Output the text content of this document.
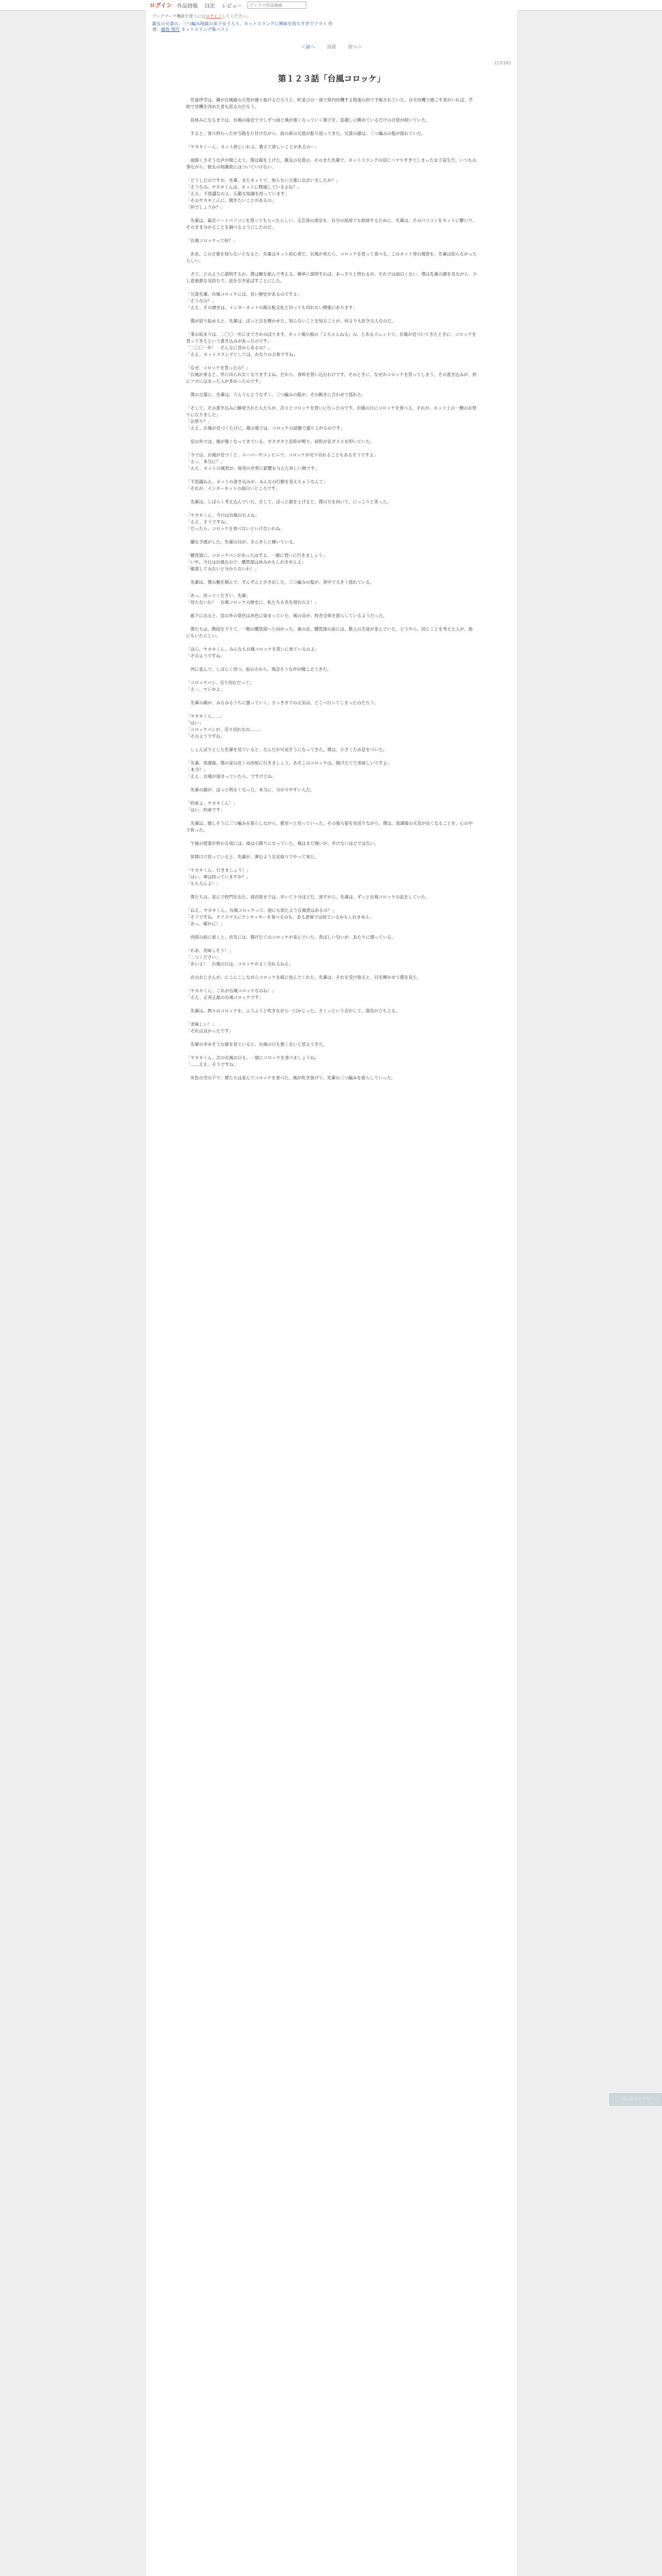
ログイン 作品情報 目次 レビュー
ワードで作品検索
ブックマーク機能を使うにはログインしてください。
親友の兄貴の、三つ編み地獄の弟子女子入り、ネットスラングに興味を持ちすぎでツライ 作者：霧島 翔月 ネットスラング集ベスト
＜前へ	目次	次へ＞
123/183
第１２３話「台風コロッケ」

　児童伊学は、隣が台風級の大型が通り抜けるだろうと、町並びの一部で屋内待機する程度の形で予報されていた。自宅待機で過ごす者がいれば、学校で待機を決めた者も居るのだろう。

　昼休みになるまでは、台風の接近で少しずつ雨と風が強くなっていく様子を、窓越しに眺めているだけの日常が続いていた。

　すると、食べ終わった弁当箱を片付けながら、前の席の兄貴が振り返ってきた。兄貴の顔は、三つ編みの髪が揺れていた。

「ヤカキくーん、ネット辞じいわよ。教えて欲しいことがあるのー」

　面倒くさそうな声が聞こえて、僕は顔を上げた。親友の兄貴の、そのまた先輩で、ネットスラングの沼にハマりすぎてしまった女子高生だ。いつもの事ながら、彼女の知識欲にはついていけない。

「どうしたのですか、先輩。またネットで、知らない言葉に出会いましたか？」
「そうなの。ヤカキくんは、ネットに精通しているよね？」
「ええ、不思議なのよ、広範な知識を持っています」
「そのヤカキくんに、聞きたいことがあるの」
「何でしょうか？」

　先輩は、最近ノートパソコンを買ってもらったらしい。文芸部の部室を、自分の部屋でも相談するために、先輩は、そのパソコンをネットに繋いで、そのまま分かることを調べるようにしたのだ。

「台風コロッケって何？」

　ああ、この言葉を知らないとなると、先輩はネット初心者だ。台風が来たら、コロッケを買って食べる。このネット発の風習を、先輩は知らなかったらしい。

　さて、どのように説明するか。僕は腕を組んで考える。簡単に説明すれば、あっさりと終わるが、それでは面白くない。僕は先輩の顔を見ながら、少し意地悪な気持ちで、話を引き延ばすことにした。

「兄貴先輩。台風コロッケには、長い歴史があるのですよ」
「そうなの？」
「ええ、その歴史は、インターネットの掲示板文化と切っても切れない関係にあります」

　僕が語り始めると、先輩は、ぱっと目を輝かせた。知らないことを知ることが、何よりも好きな人なのだ。

「事の始まりは、二〇〇一年にまでさかのぼります。ネット掲示板の『２ちゃんねる』の、とあるスレッドで、台風が近づいてきたときに、コロッケを買ってきたという書き込みがあったのです」
「二〇〇一年！　そんなに昔からあるの？」
「ええ、ネットスラングとしては、かなりの古参ですね」

「なぜ、コロッケを買ったの？」
「台風が来ると、外に出られなくなりますよね。だから、食料を買い込むわけです。そのときに、なぜかコロッケを買ってしまう。その書き込みが、妙にツボにはまった人が多かったのです」

　僕の言葉に、先輩は、うんうんとうなずく。三つ編みの髪が、その動きに合わせて揺れた。

「そして、その書き込みに触発された人たちが、次々とコロッケを買いに行ったのです。台風の日にコロッケを食べる。それが、ネット上の一種のお祭りになりました」
「お祭り？」
「ええ、台風が近づくたびに、掲示板では、コロッケの話題で盛り上がるのです」

　窓の外では、風が強くなってきている。ガタガタと窓枠が鳴り、雨粒が窓ガラスを叩いていた。

「今では、台風が近づくと、スーパーやコンビニで、コロッケが売り切れることもあるそうですよ」
「えっ、本当に？」
「ええ、ネットの風習が、現実の世界に影響を与えた珍しい例です」

「不思議ねえ。ネットの書き込みが、みんなの行動を変えちゃうなんて」
「それが、インターネットの面白いところです」

　先輩は、しばらく考え込んでいた。そして、ぱっと顔を上げると、僕の方を向いて、にっこりと笑った。

「ヤカキくん、今日は台風の日よね」
「ええ、そうですね」
「だったら、コロッケを食べないといけないわね」

　嫌な予感がした。先輩の目が、きらきらと輝いている。

「購買部に、コロッケパンがあったはずよ。一緒に買いに行きましょう」
「いや、今日は台風なので、購買部は休みかもしれませんよ」
「確認してみないと分からないわ！」

　先輩は、僕の腕を掴んで、ずんずんと歩き出した。三つ編みの髪が、背中で大きく揺れている。

「あっ、待ってください、先輩」
「待たないわ！　台風コロッケの歴史に、私たちも名を刻むのよ！」

　廊下に出ると、窓の外の景色は灰色に染まっていた。風の音が、校舎全体を揺らしているようだった。

　僕たちは、階段を下りて、一階の購買部へと向かった。案の定、購買部の前には、数人の生徒が並んでいた。どうやら、同じことを考えた人が、他にもいたらしい。

「ほら、ヤカキくん。みんなも台風コロッケを買いに来ているのよ」
「そのようですね」

　列に並んで、しばらく待つ。前の方から、残念そうな声が聞こえてきた。

「コロッケパン、売り切れだって」
「えー、マジかよ」

　先輩の顔が、みるみるうちに曇っていく。さっきまでの元気は、どこへ行ってしまったのだろう。

「ヤカキくん……」
「はい」
「コロッケパンが、売り切れなの……」
「そのようですね」

　しょんぼりとした先輩を見ていると、なんだか可哀そうになってきた。僕は、小さくため息をついた。

「先輩、放課後、僕の家の近くの肉屋に行きましょう。あそこのコロッケは、揚げたてで美味しいですよ」
「本当？」
「ええ、台風が弱まっていたら、ですけどね」

　先輩の顔が、ぱっと明るくなった。本当に、分かりやすい人だ。

「約束よ、ヤカキくん！」
「はい、約束です」

　先輩は、嬉しそうに三つ編みを揺らしながら、教室へと戻っていった。その後ろ姿を見送りながら、僕は、放課後の天気が良くなることを、心の中で祈った。

　午後の授業が終わる頃には、雨は小降りになっていた。風はまだ強いが、歩けないほどではない。

　昇降口で待っていると、先輩が、弾むような足取りでやって来た。

「ヤカキくん、行きましょう！」
「はい。傘は持っていますか？」
「もちろんよ！」

　僕たちは、並んで校門を出た。商店街までは、歩いて十分ほどだ。道すがら、先輩は、ずっと台風コロッケの話をしていた。

「ねえ、ヤカキくん。台風コロッケって、他にも似たような風習はあるの？」
「そうですね。クリスマスにケンタッキーを食べるのも、ある意味では似ているかもしれません」
「あっ、確かに！」

　肉屋の前に着くと、店先には、揚げたてのコロッケが並んでいた。香ばしい匂いが、あたりに漂っている。

「わあ、美味しそう！」
「二つください」
「あいよ！　台風の日は、コロッケがよく売れるねえ」

　店のおじさんが、にこにこしながらコロッケを紙に包んでくれた。先輩は、それを受け取ると、目を輝かせて僕を見た。

「ヤカキくん、これが台風コロッケなのね！」
「ええ、正真正銘の台風コロッケです」

　先輩は、熱々のコロッケを、ふうふうと吹きながら一口かじった。さくっという音がして、湯気が立ち上る。

「美味しい！」
「それは良かったです」

　先輩の幸せそうな顔を見ていると、台風の日も悪くないと思えてきた。

「ヤカキくん。次の台風の日も、一緒にコロッケを食べましょうね」
「……ええ、そうですね」

　灰色の空の下で、僕たちは並んでコロッケを食べた。風が吹き抜けて、先輩の三つ編みを揺らしていった。

ページトップへ
